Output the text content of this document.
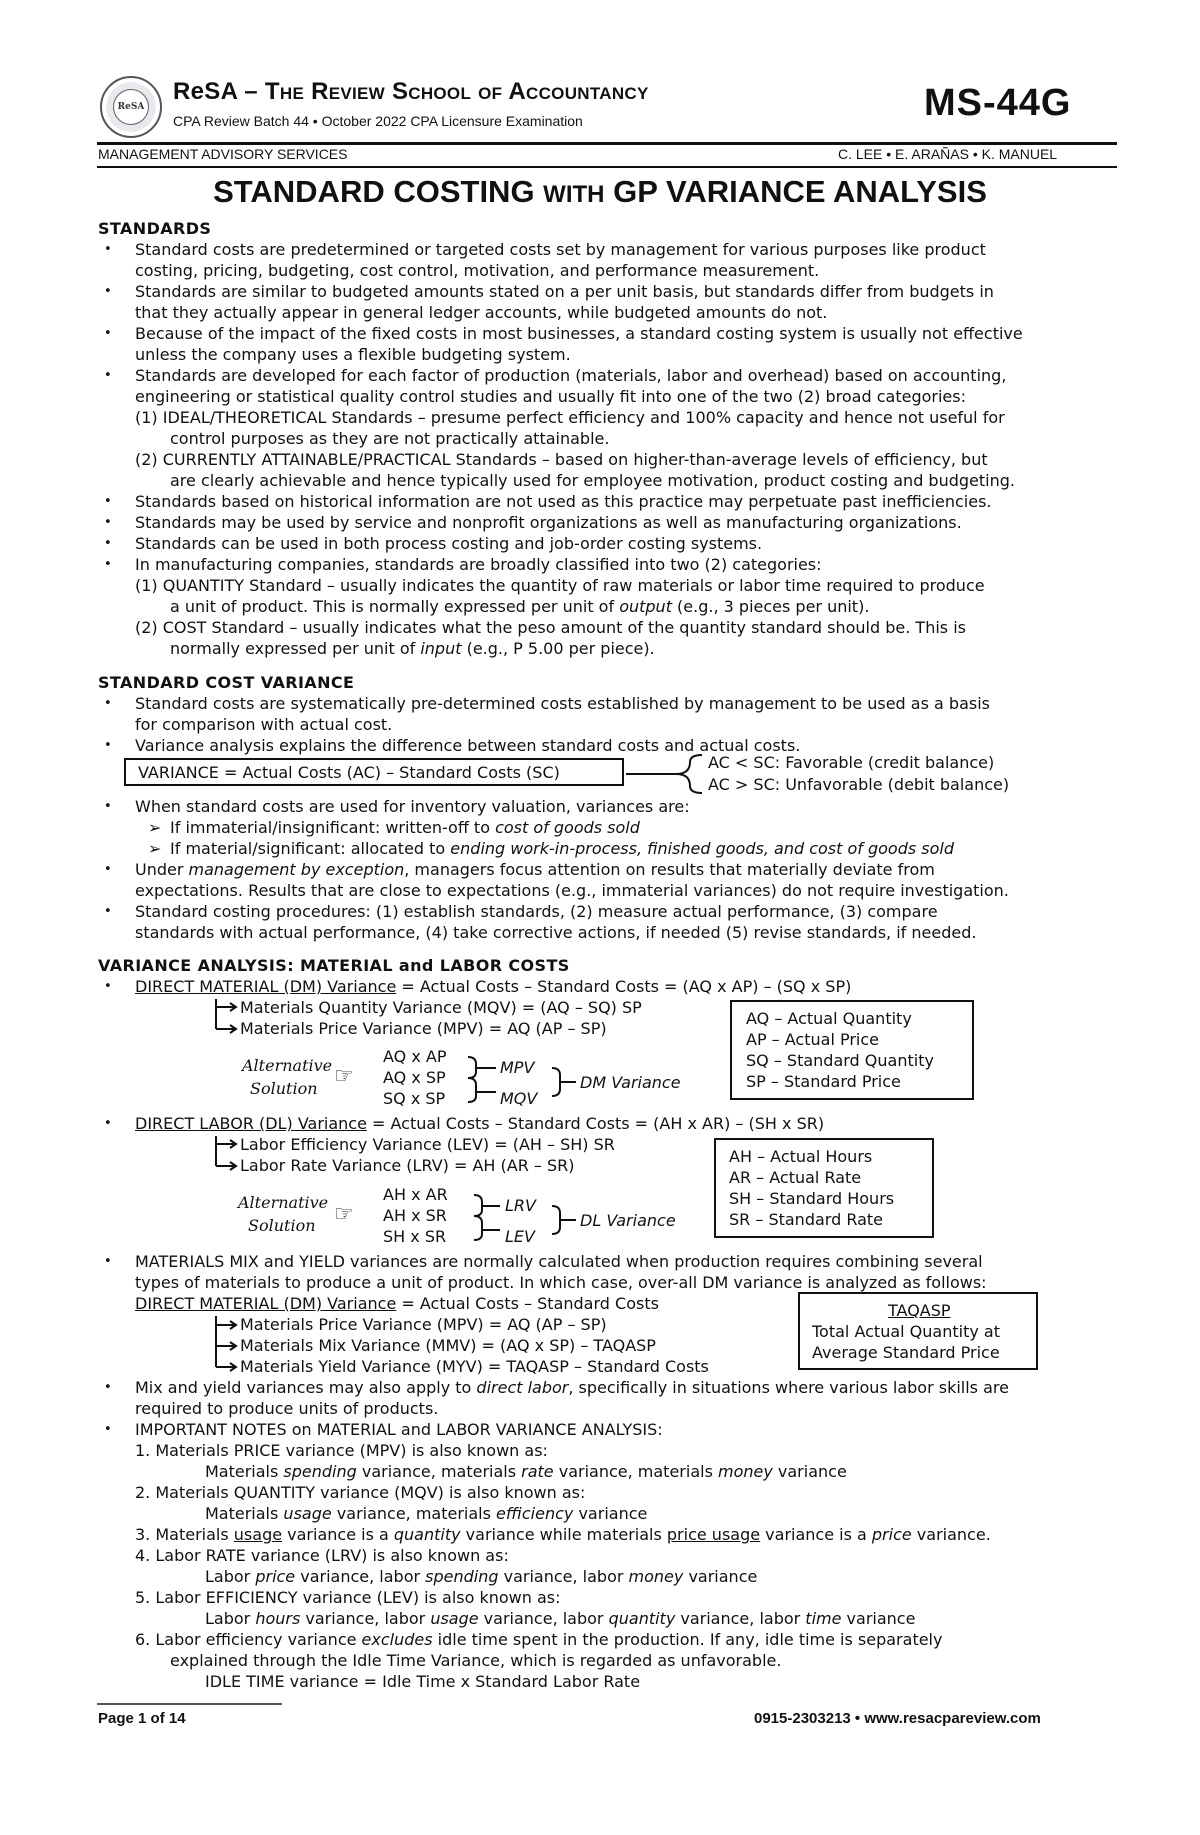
ReSA
ReSA – The Review School of Accountancy
CPA Review Batch 44 • October 2022 CPA Licensure Examination	MS-44G
MANAGEMENT ADVISORY SERVICES	C. LEE • E. ARAÑAS • K. MANUEL
STANDARD COSTING WITH GP VARIANCE ANALYSIS
STANDARDS
• Standard costs are predetermined or targeted costs set by management for various purposes like product
costing, pricing, budgeting, cost control, motivation, and performance measurement.
• Standards are similar to budgeted amounts stated on a per unit basis, but standards differ from budgets in
that they actually appear in general ledger accounts, while budgeted amounts do not.
• Because of the impact of the fixed costs in most businesses, a standard costing system is usually not effective
unless the company uses a flexible budgeting system.
• Standards are developed for each factor of production (materials, labor and overhead) based on accounting,
engineering or statistical quality control studies and usually fit into one of the two (2) broad categories:
(1) IDEAL/THEORETICAL Standards – presume perfect efficiency and 100% capacity and hence not useful for
control purposes as they are not practically attainable.
(2) CURRENTLY ATTAINABLE/PRACTICAL Standards – based on higher-than-average levels of efficiency, but
are clearly achievable and hence typically used for employee motivation, product costing and budgeting.
• Standards based on historical information are not used as this practice may perpetuate past inefficiencies.
• Standards may be used by service and nonprofit organizations as well as manufacturing organizations.
• Standards can be used in both process costing and job-order costing systems.
• In manufacturing companies, standards are broadly classified into two (2) categories:
(1) QUANTITY Standard – usually indicates the quantity of raw materials or labor time required to produce
a unit of product. This is normally expressed per unit of output (e.g., 3 pieces per unit).
(2) COST Standard – usually indicates what the peso amount of the quantity standard should be. This is
normally expressed per unit of input (e.g., P 5.00 per piece).
STANDARD COST VARIANCE
• Standard costs are systematically pre-determined costs established by management to be used as a basis
for comparison with actual cost.
• Variance analysis explains the difference between standard costs and actual costs.
VARIANCE = Actual Costs (AC) – Standard Costs (SC)
AC < SC: Favorable (credit balance)
AC > SC: Unfavorable (debit balance)
• When standard costs are used for inventory valuation, variances are:
➢ If immaterial/insignificant: written-off to cost of goods sold
➢ If material/significant: allocated to ending work-in-process, finished goods, and cost of goods sold
• Under management by exception, managers focus attention on results that materially deviate from
expectations. Results that are close to expectations (e.g., immaterial variances) do not require investigation.
• Standard costing procedures: (1) establish standards, (2) measure actual performance, (3) compare
standards with actual performance, (4) take corrective actions, if needed (5) revise standards, if needed.
VARIANCE ANALYSIS: MATERIAL and LABOR COSTS
• DIRECT MATERIAL (DM) Variance = Actual Costs – Standard Costs = (AQ x AP) – (SQ x SP)
Materials Quantity Variance (MQV) = (AQ – SQ) SP
Materials Price Variance (MPV) = AQ (AP – SP)
AQ – Actual Quantity
AP – Actual Price
SQ – Standard Quantity
SP – Standard Price
Alternative
Solution ☞
AQ x AP
AQ x SP
SQ x SP
MPV
MQV
DM Variance
• DIRECT LABOR (DL) Variance = Actual Costs – Standard Costs = (AH x AR) – (SH x SR)
Labor Efficiency Variance (LEV) = (AH – SH) SR
Labor Rate Variance (LRV) = AH (AR – SR)	AH – Actual Hours
AR – Actual Rate
SH – Standard Hours
SR – Standard Rate
Alternative
Solution ☞
AH x AR
AH x SR
SH x SR
LRV
LEV
DL Variance
• MATERIALS MIX and YIELD variances are normally calculated when production requires combining several
types of materials to produce a unit of product. In which case, over-all DM variance is analyzed as follows:
DIRECT MATERIAL (DM) Variance = Actual Costs – Standard Costs
Materials Price Variance (MPV) = AQ (AP – SP)
Materials Mix Variance (MMV) = (AQ x SP) – TAQASP
Materials Yield Variance (MYV) = TAQASP – Standard Costs
TAQASP
Total Actual Quantity at
Average Standard Price
• Mix and yield variances may also apply to direct labor, specifically in situations where various labor skills are
required to produce units of products.
• IMPORTANT NOTES on MATERIAL and LABOR VARIANCE ANALYSIS:
1. Materials PRICE variance (MPV) is also known as:
Materials spending variance, materials rate variance, materials money variance
2. Materials QUANTITY variance (MQV) is also known as:
Materials usage variance, materials efficiency variance
3. Materials usage variance is a quantity variance while materials price usage variance is a price variance.
4. Labor RATE variance (LRV) is also known as:
Labor price variance, labor spending variance, labor money variance
5. Labor EFFICIENCY variance (LEV) is also known as:
Labor hours variance, labor usage variance, labor quantity variance, labor time variance
6. Labor efficiency variance excludes idle time spent in the production. If any, idle time is separately
explained through the Idle Time Variance, which is regarded as unfavorable.
IDLE TIME variance = Idle Time x Standard Labor Rate
Page 1 of 14	0915-2303213 • www.resacpareview.com
